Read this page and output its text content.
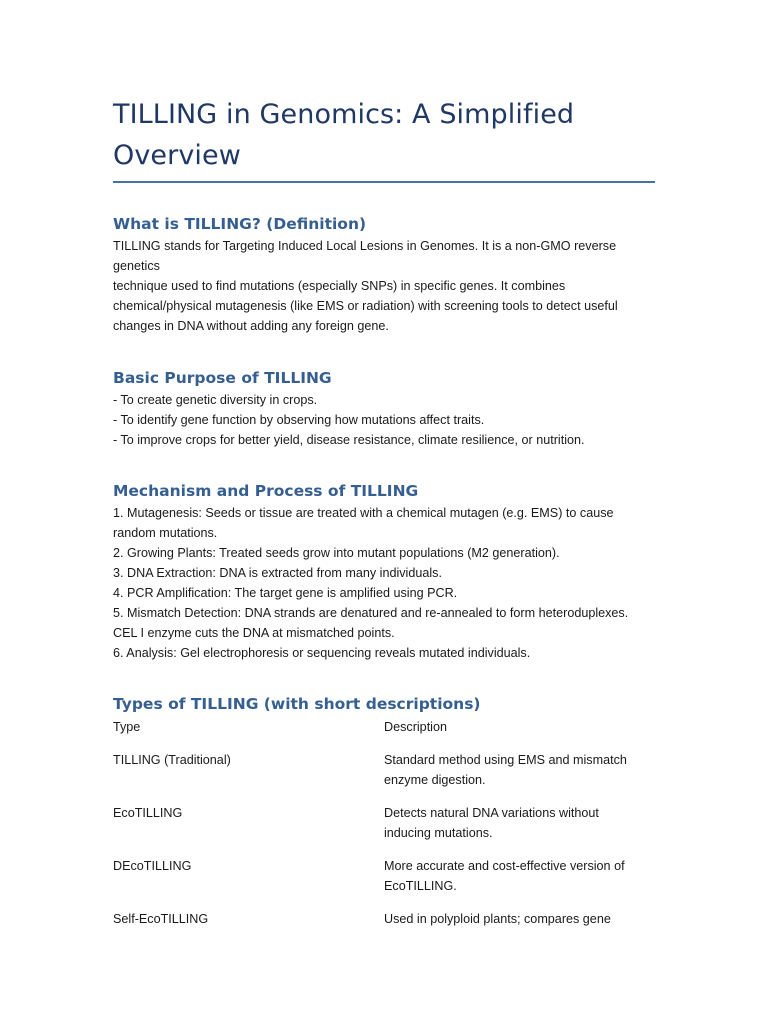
TILLING in Genomics: A Simplified Overview
What is TILLING? (Definition)
TILLING stands for Targeting Induced Local Lesions in Genomes. It is a non-GMO reverse genetics
technique used to find mutations (especially SNPs) in specific genes. It combines
chemical/physical mutagenesis (like EMS or radiation) with screening tools to detect useful
changes in DNA without adding any foreign gene.
Basic Purpose of TILLING
- To create genetic diversity in crops.
- To identify gene function by observing how mutations affect traits.
- To improve crops for better yield, disease resistance, climate resilience, or nutrition.
Mechanism and Process of TILLING
1. Mutagenesis: Seeds or tissue are treated with a chemical mutagen (e.g. EMS) to cause
random mutations.
2. Growing Plants: Treated seeds grow into mutant populations (M2 generation).
3. DNA Extraction: DNA is extracted from many individuals.
4. PCR Amplification: The target gene is amplified using PCR.
5. Mismatch Detection: DNA strands are denatured and re-annealed to form heteroduplexes.
CEL I enzyme cuts the DNA at mismatched points.
6. Analysis: Gel electrophoresis or sequencing reveals mutated individuals.
Types of TILLING (with short descriptions)
Type	Description
TILLING (Traditional)	Standard method using EMS and mismatch
enzyme digestion.
EcoTILLING	Detects natural DNA variations without
inducing mutations.
DEcoTILLING	More accurate and cost-effective version of
EcoTILLING.
Self-EcoTILLING	Used in polyploid plants; compares gene
